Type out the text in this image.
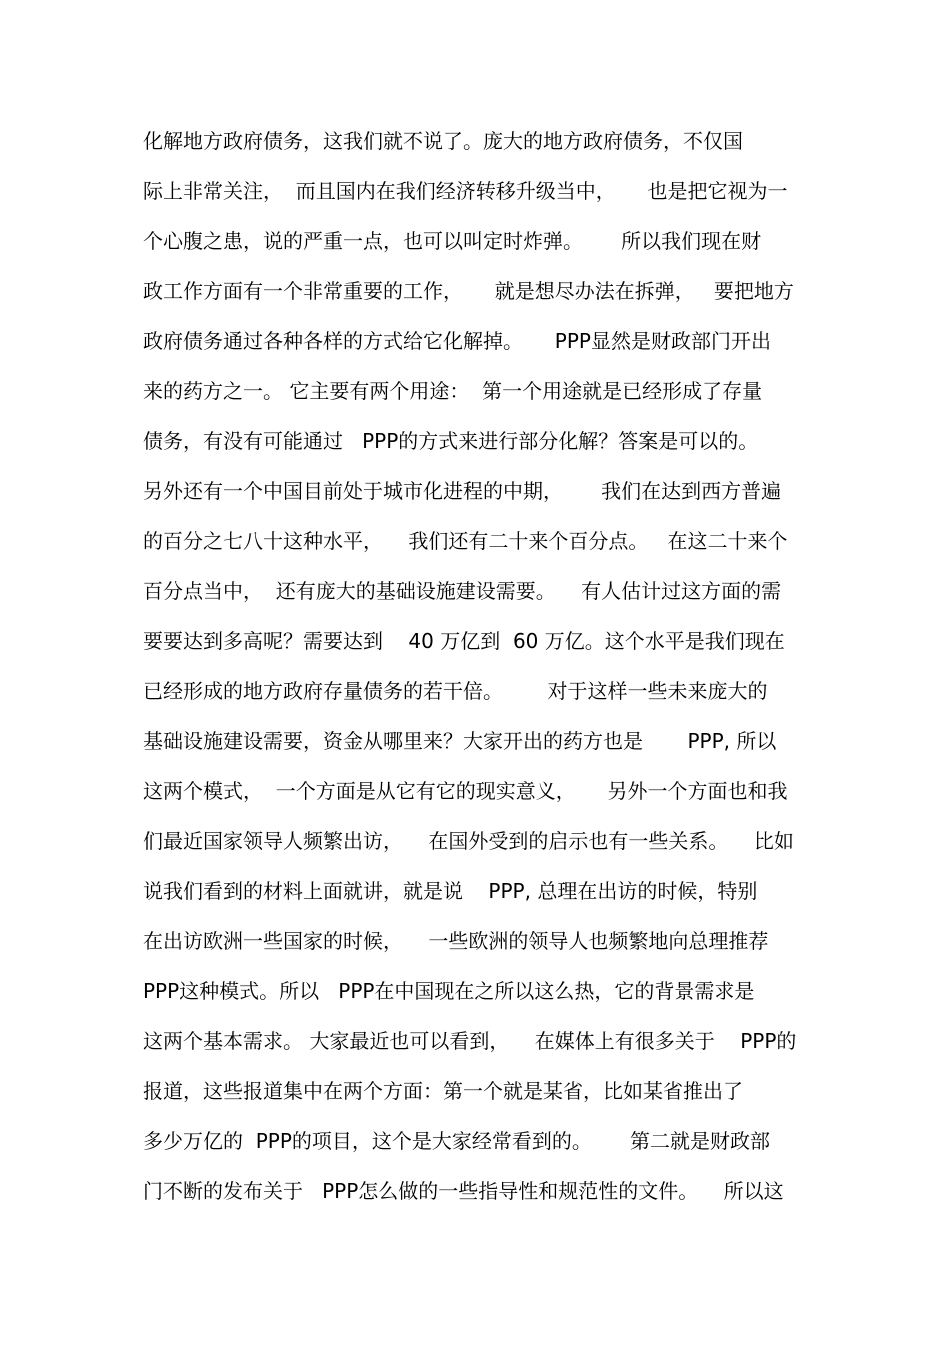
化解地方政府债务，这我们就不说了。庞大的地方政府债务，不仅国
际上非常关注，  而且国内在我们经济转移升级当中，     也是把它视为一
个心腹之患，说的严重一点，也可以叫定时炸弹。      所以我们现在财
政工作方面有一个非常重要的工作，     就是想尽办法在拆弹，   要把地方
政府债务通过各种各样的方式给它化解掉。     PPP显然是财政部门开出
来的药方之一。 它主要有两个用途：  第一个用途就是已经形成了存量
债务，有没有可能通过   PPP的方式来进行部分化解？答案是可以的。
另外还有一个中国目前处于城市化进程的中期，      我们在达到西方普遍
的百分之七八十这种水平，    我们还有二十来个百分点。   在这二十来个
百分点当中，  还有庞大的基础设施建设需要。    有人估计过这方面的需
要要达到多高呢？需要达到    40 万亿到  60 万亿。这个水平是我们现在
已经形成的地方政府存量债务的若干倍。       对于这样一些未来庞大的
基础设施建设需要，资金从哪里来？大家开出的药方也是       PPP, 所以
这两个模式，  一个方面是从它有它的现实意义，     另外一个方面也和我
们最近国家领导人频繁出访，    在国外受到的启示也有一些关系。    比如
说我们看到的材料上面就讲，就是说    PPP, 总理在出访的时候，特别
在出访欧洲一些国家的时候，    一些欧洲的领导人也频繁地向总理推荐
PPP这种模式。所以   PPP在中国现在之所以这么热，它的背景需求是
这两个基本需求。 大家最近也可以看到，    在媒体上有很多关于    PPP的
报道，这些报道集中在两个方面：第一个就是某省，比如某省推出了
多少万亿的  PPP的项目，这个是大家经常看到的。      第二就是财政部
门不断的发布关于   PPP怎么做的一些指导性和规范性的文件。    所以这
